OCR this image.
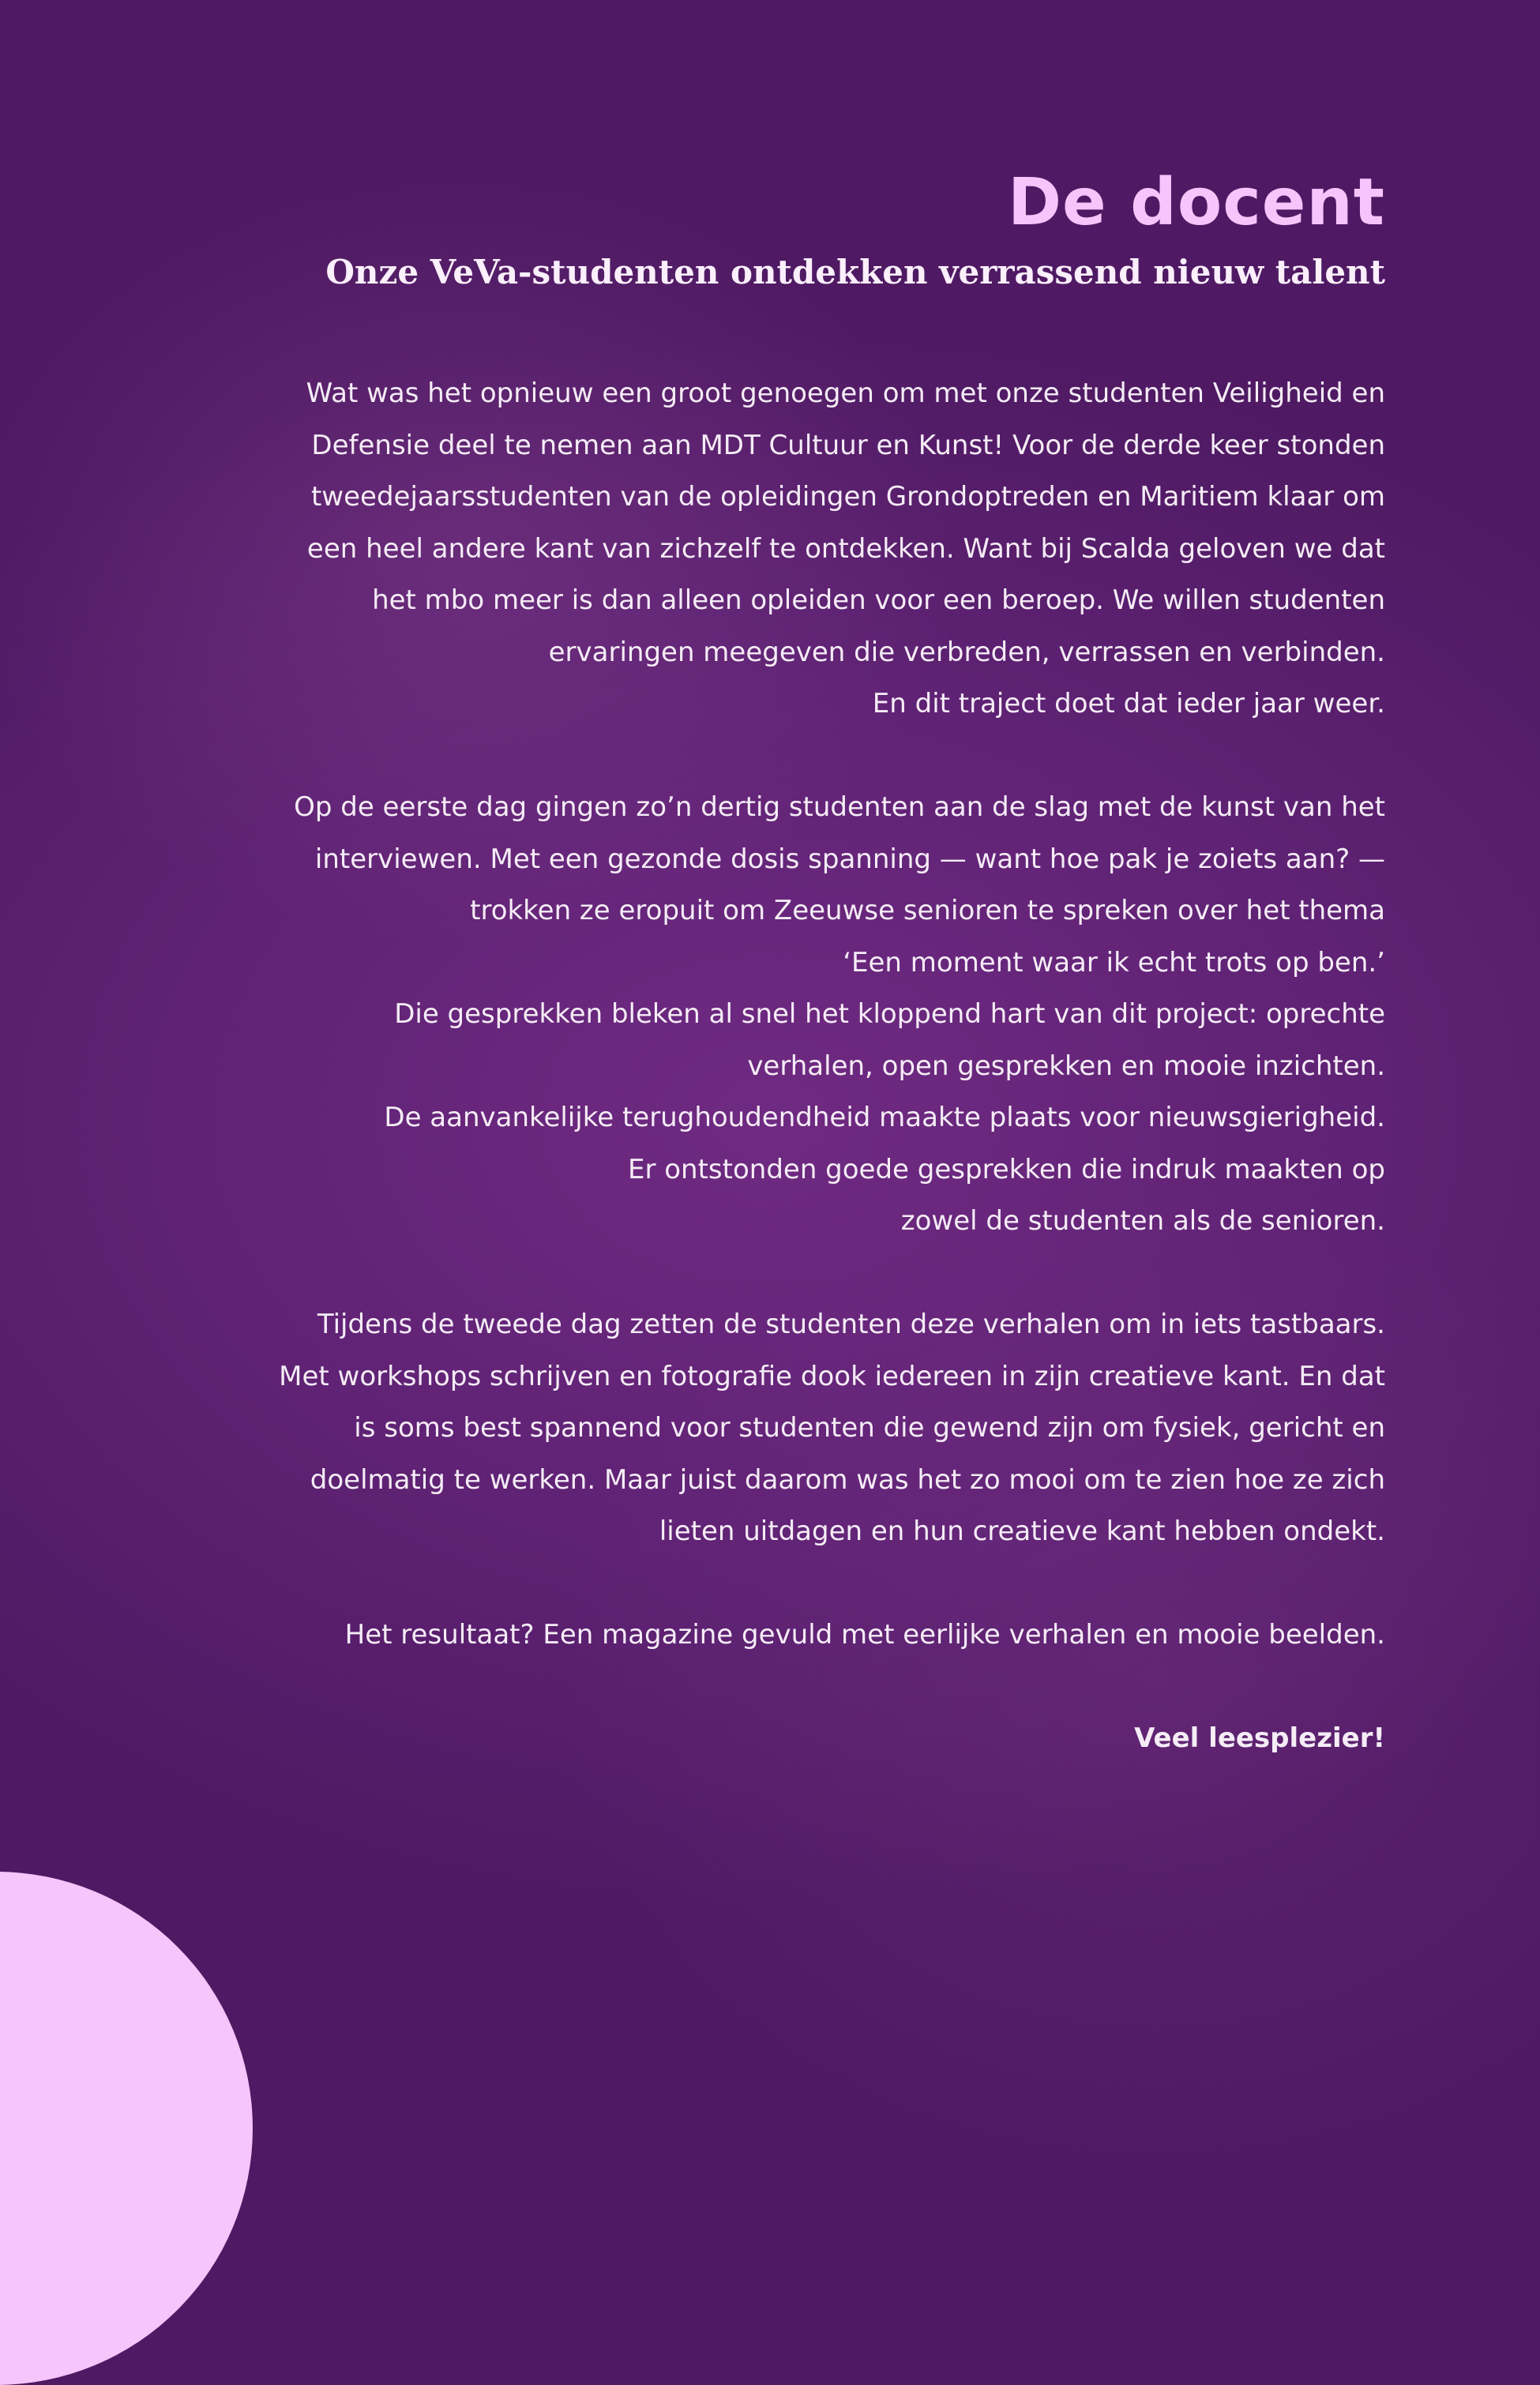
De docent
Onze VeVa-studenten ontdekken verrassend nieuw talent

Wat was het opnieuw een groot genoegen om met onze studenten Veiligheid en
Defensie deel te nemen aan MDT Cultuur en Kunst! Voor de derde keer stonden
tweedejaarsstudenten van de opleidingen Grondoptreden en Maritiem klaar om
een heel andere kant van zichzelf te ontdekken. Want bij Scalda geloven we dat
het mbo meer is dan alleen opleiden voor een beroep. We willen studenten
ervaringen meegeven die verbreden, verrassen en verbinden.
En dit traject doet dat ieder jaar weer.

Op de eerste dag gingen zo’n dertig studenten aan de slag met de kunst van het
interviewen. Met een gezonde dosis spanning — want hoe pak je zoiets aan? —
trokken ze eropuit om Zeeuwse senioren te spreken over het thema
‘Een moment waar ik echt trots op ben.’
Die gesprekken bleken al snel het kloppend hart van dit project: oprechte
verhalen, open gesprekken en mooie inzichten.
De aanvankelijke terughoudendheid maakte plaats voor nieuwsgierigheid.
Er ontstonden goede gesprekken die indruk maakten op
zowel de studenten als de senioren.

Tijdens de tweede dag zetten de studenten deze verhalen om in iets tastbaars.
Met workshops schrijven en fotografie dook iedereen in zijn creatieve kant. En dat
is soms best spannend voor studenten die gewend zijn om fysiek, gericht en
doelmatig te werken. Maar juist daarom was het zo mooi om te zien hoe ze zich
lieten uitdagen en hun creatieve kant hebben ondekt.

Het resultaat? Een magazine gevuld met eerlijke verhalen en mooie beelden.

Veel leesplezier!
